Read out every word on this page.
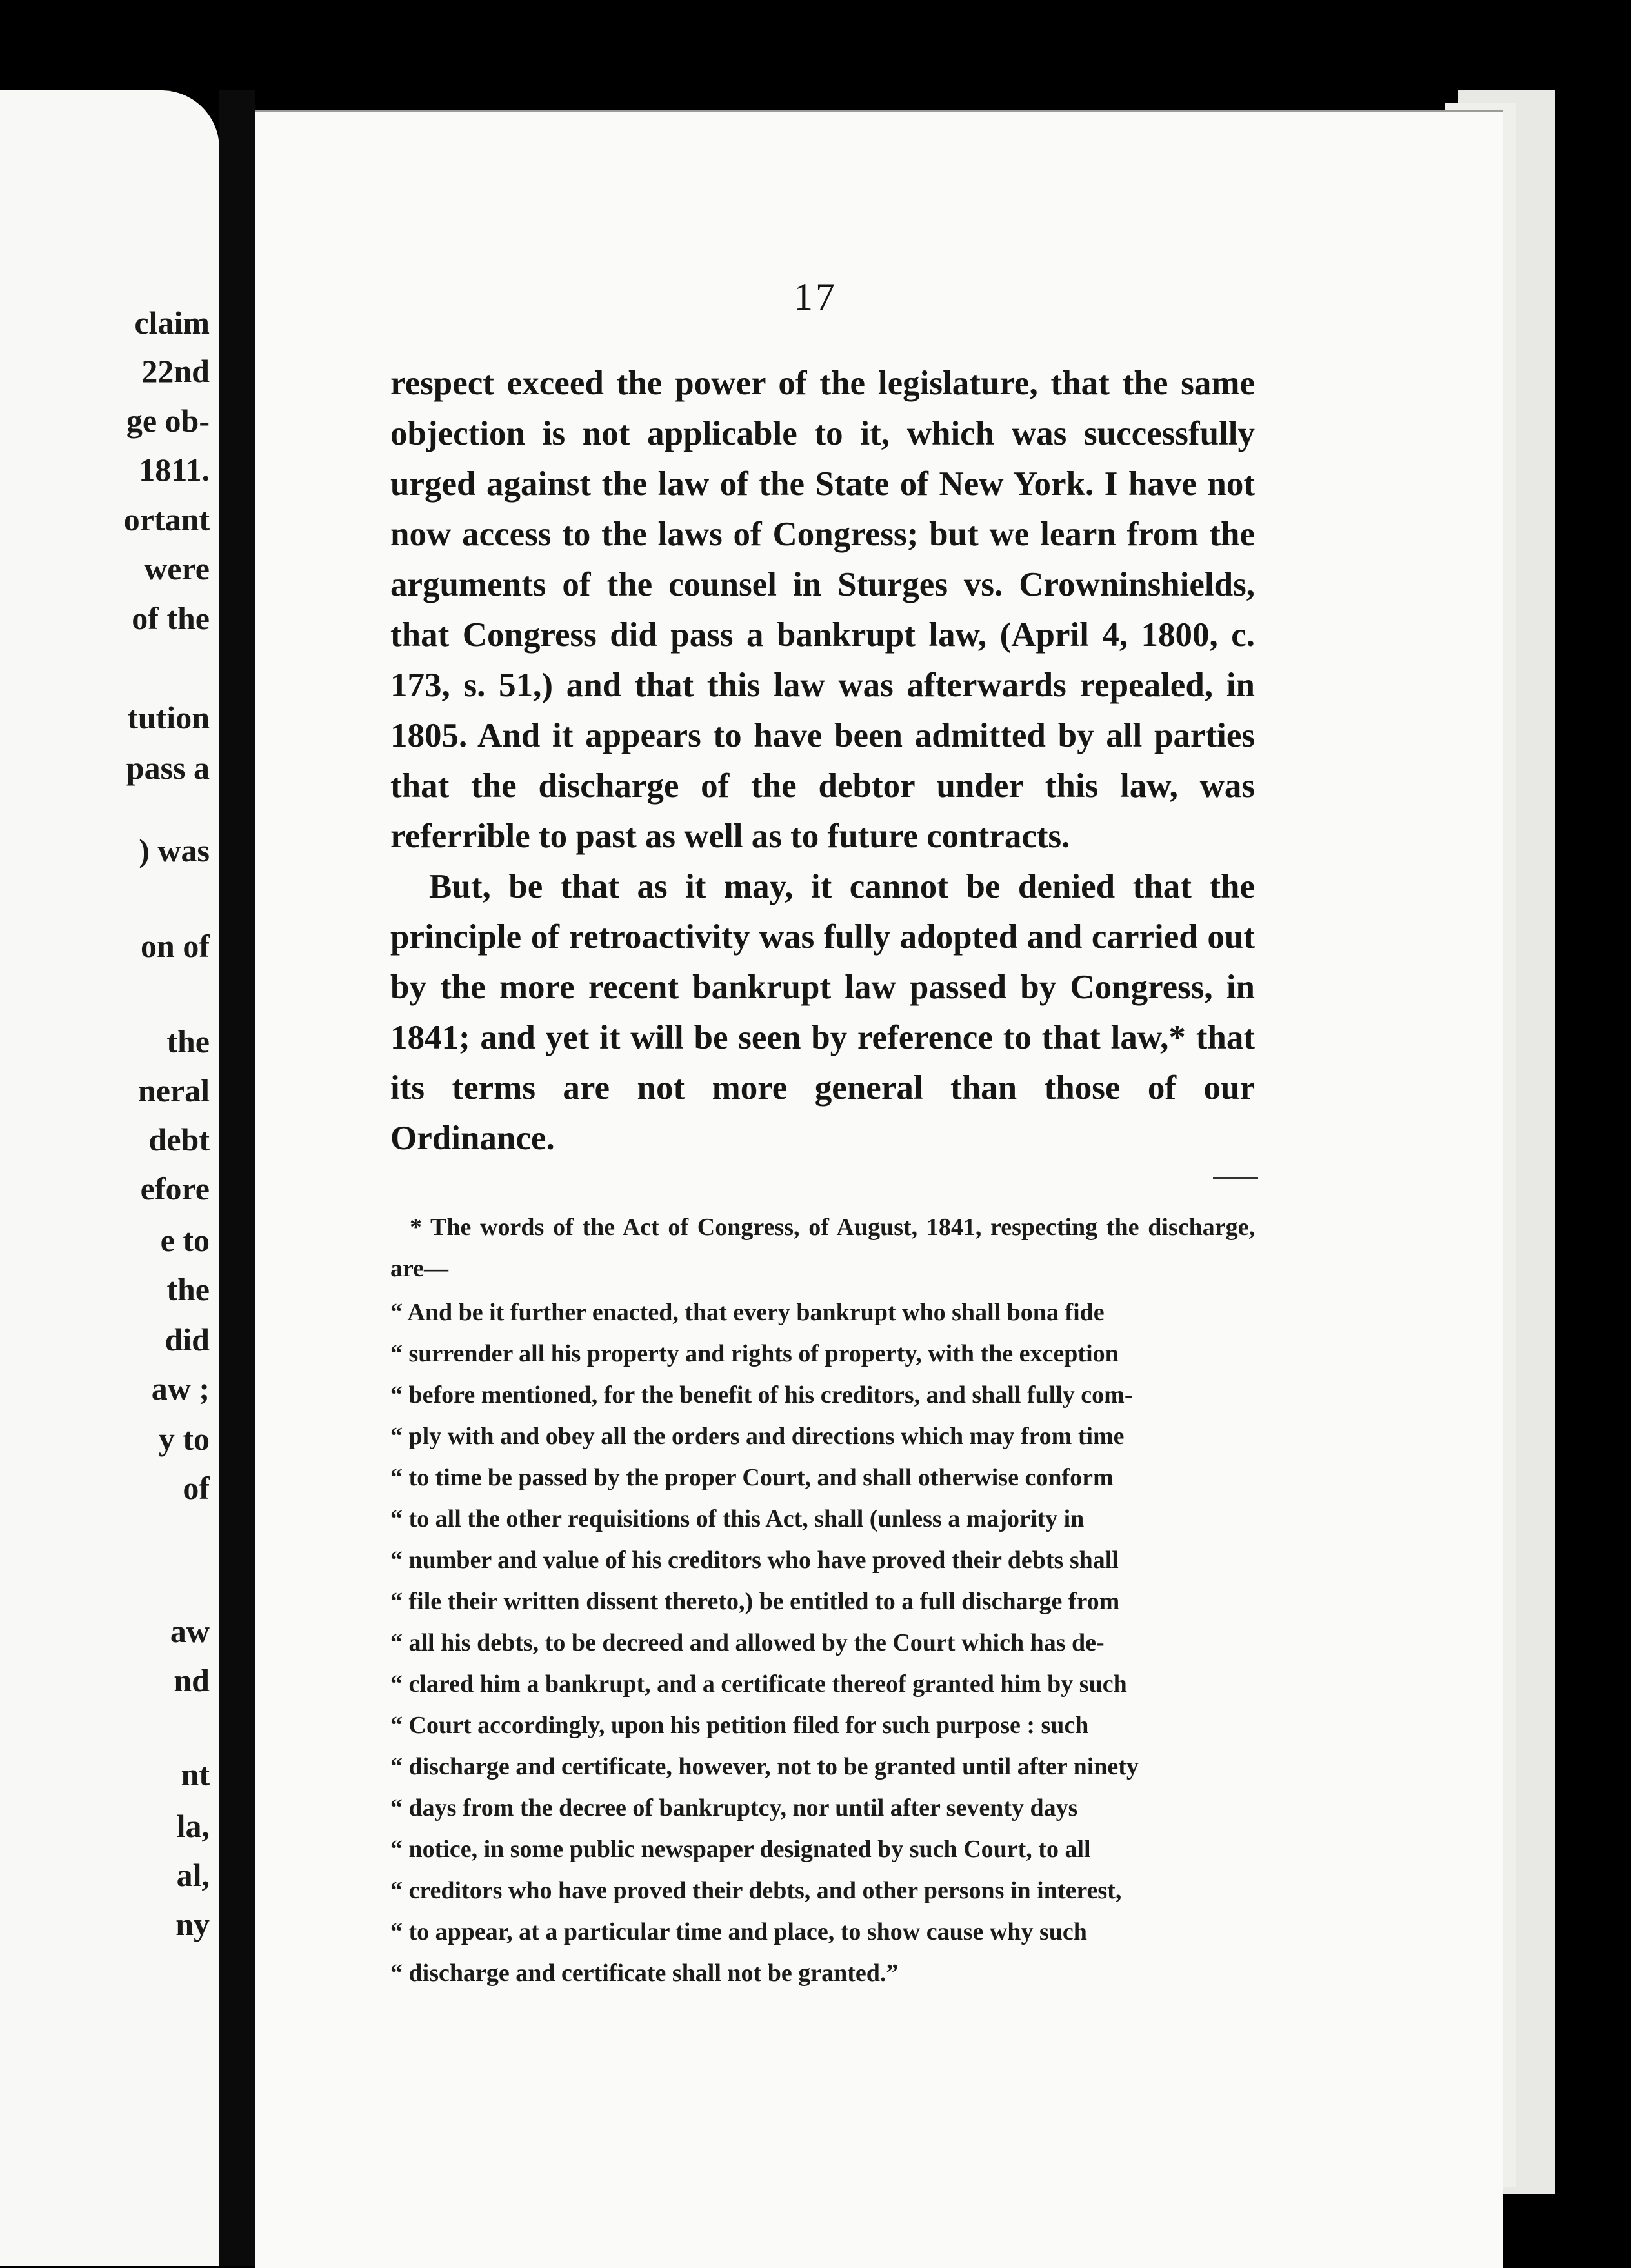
claim
22nd
ge ob-
1811.
ortant
were
of the
tution
pass a
) was
on of
the
neral
debt
efore
e to
the
did
aw ;
y to
of
aw
nd
nt
la,
al,
ny
17

respect exceed the power of the legislature, that the same objection is not applicable to it, which was successfully urged against the law of the State of New York. I have not now access to the laws of Congress; but we learn from the arguments of the counsel in Sturges vs. Crowninshields, that Congress did pass a bankrupt law, (April 4, 1800, c. 173, s. 51,) and that this law was afterwards repealed, in 1805. And it appears to have been admitted by all parties that the discharge of the debtor under this law, was referrible to past as well as to future contracts.

But, be that as it may, it cannot be denied that the principle of retroactivity was fully adopted and carried out by the more recent bankrupt law passed by Congress, in 1841; and yet it will be seen by reference to that law,* that its terms are not more general than those of our Ordinance.

* The words of the Act of Congress, of August, 1841, respecting the discharge, are—

“ And be it further enacted, that every bankrupt who shall bona fide
“ surrender all his property and rights of property, with the exception
“ before mentioned, for the benefit of his creditors, and shall fully com-
“ ply with and obey all the orders and directions which may from time
“ to time be passed by the proper Court, and shall otherwise conform
“ to all the other requisitions of this Act, shall (unless a majority in
“ number and value of his creditors who have proved their debts shall
“ file their written dissent thereto,) be entitled to a full discharge from
“ all his debts, to be decreed and allowed by the Court which has de-
“ clared him a bankrupt, and a certificate thereof granted him by such
“ Court accordingly, upon his petition filed for such purpose : such
“ discharge and certificate, however, not to be granted until after ninety
“ days from the decree of bankruptcy, nor until after seventy days
“ notice, in some public newspaper designated by such Court, to all
“ creditors who have proved their debts, and other persons in interest,
“ to appear, at a particular time and place, to show cause why such
“ discharge and certificate shall not be granted.”
